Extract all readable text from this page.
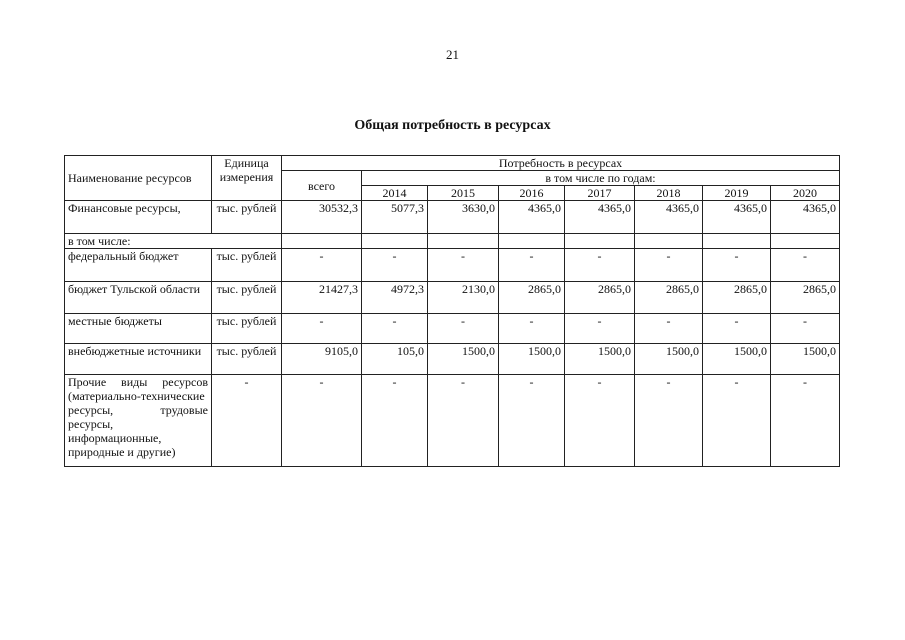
21
Общая потребность в ресурсах
Наименование ресурсов	Единица измерения	Потребность в ресурсах							
		всего	в том числе по годам:						
			2014	2015	2016	2017	2018	2019	2020
Финансовые ресурсы,	тыс. рублей	30532,3	5077,3	3630,0	4365,0	4365,0	4365,0	4365,0	4365,0
в том числе:									
федеральный бюджет	тыс. рублей	-	-	-	-	-	-	-	-
бюджет Тульской области	тыс. рублей	21427,3	4972,3	2130,0	2865,0	2865,0	2865,0	2865,0	2865,0
местные бюджеты	тыс. рублей	-	-	-	-	-	-	-	-
внебюджетные источники	тыс. рублей	9105,0	105,0	1500,0	1500,0	1500,0	1500,0	1500,0	1500,0
Прочие виды ресурсов (материально-технические ресурсы, трудовые ресурсы, информационные, природные и другие)	-	-	-	-	-	-	-	-	-
